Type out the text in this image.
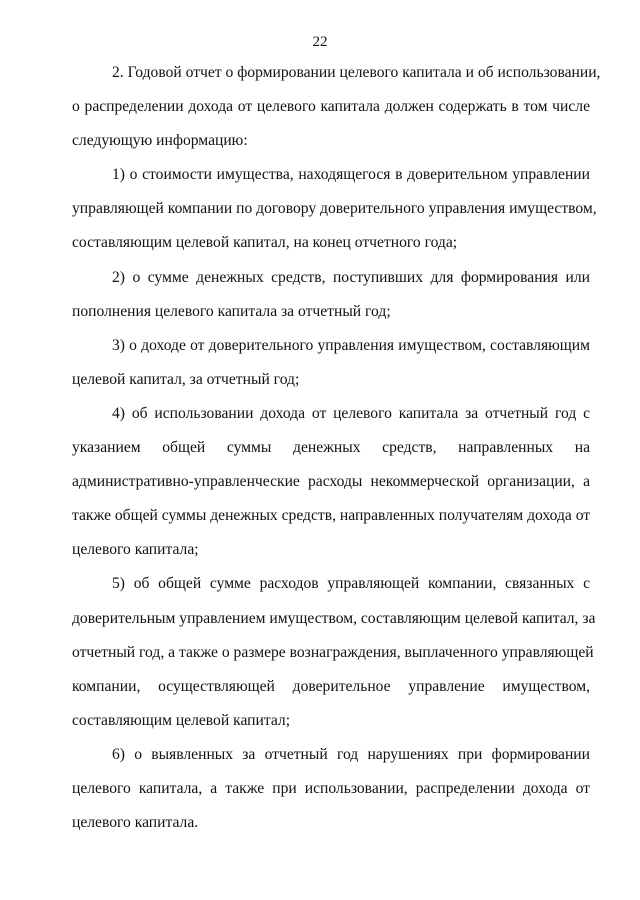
22
2. Годовой отчет о формировании целевого капитала и об использовании,
о распределении дохода от целевого капитала должен содержать в том числе
следующую информацию:
1) о стоимости имущества, находящегося в доверительном управлении
управляющей компании по договору доверительного управления имуществом,
составляющим целевой капитал, на конец отчетного года;
2) о сумме денежных средств, поступивших для формирования или
пополнения целевого капитала за отчетный год;
3) о доходе от доверительного управления имуществом, составляющим
целевой капитал, за отчетный год;
4) об использовании дохода от целевого капитала за отчетный год с
указанием общей суммы денежных средств, направленных на
административно-управленческие расходы некоммерческой организации, а
также общей суммы денежных средств, направленных получателям дохода от
целевого капитала;
5) об общей сумме расходов управляющей компании, связанных с
доверительным управлением имуществом, составляющим целевой капитал, за
отчетный год, а также о размере вознаграждения, выплаченного управляющей
компании, осуществляющей доверительное управление имуществом,
составляющим целевой капитал;
6) о выявленных за отчетный год нарушениях при формировании
целевого капитала, а также при использовании, распределении дохода от
целевого капитала.
